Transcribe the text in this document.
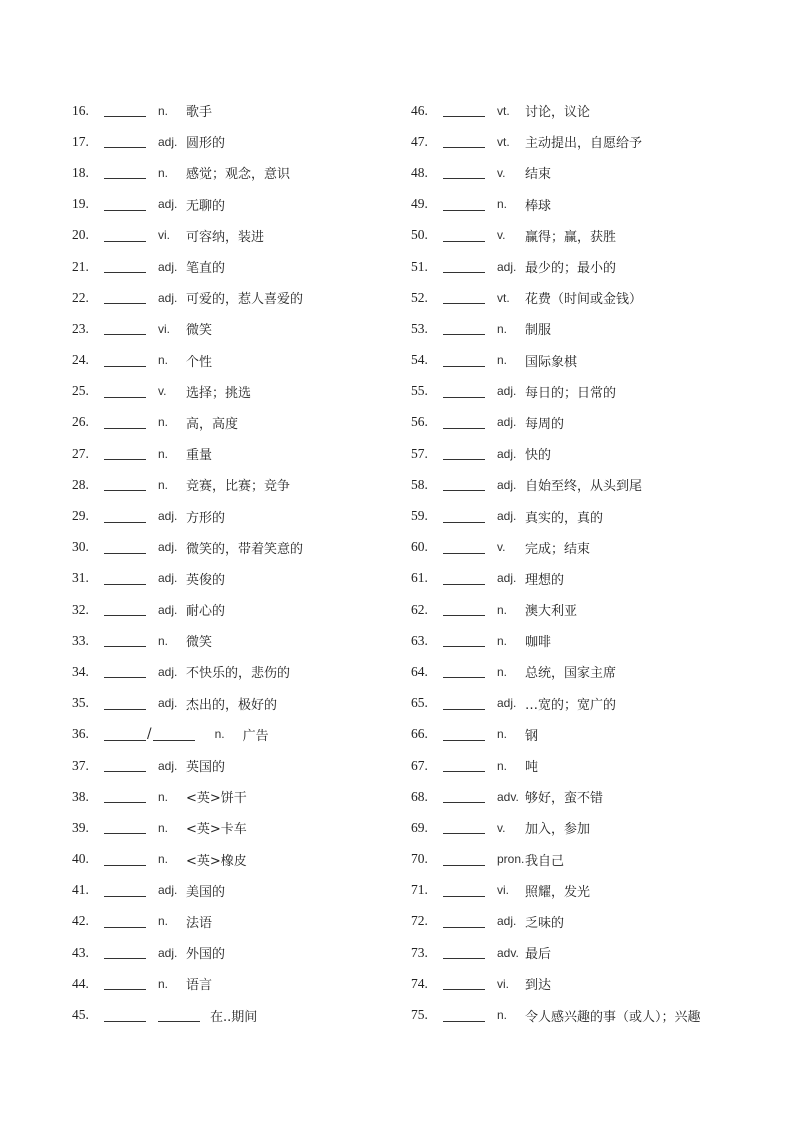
16.	n.	歌手
17.	adj. 圆形的
18.	n.	感觉；观念，意识
19.	adj. 无聊的
20.	vi.	可容纳，装进
21.	adj. 笔直的
22.	adj. 可爱的，惹人喜爱的
23.	vi.	微笑
24.	n.	个性
25.	v.	选择；挑选
26.	n.	高，高度
27.	n.	重量
28.	n.	竞赛，比赛；竞争
29.	adj. 方形的
30.	adj. 微笑的，带着笑意的
31.	adj. 英俊的
32.	adj. 耐心的
33.	n.	微笑
34.	adj. 不快乐的，悲伤的
35.	adj. 杰出的，极好的
36.	/	n.	广告
37.	adj. 英国的
38.	n.	<英>饼干
39.	n.	<英>卡车
40.	n.	<英>橡皮
41.	adj. 美国的
42.	n.	法语
43.	adj. 外国的
44.	n.	语言
45.	在..期间
46.	vt.	讨论，议论
47.	vt.	主动提出，自愿给予
48.	v.	结束
49.	n.	棒球
50.	v.	赢得；赢，获胜
51.	adj. 最少的；最小的
52.	vt.	花费（时间或金钱）
53.	n.	制服
54.	n.	国际象棋
55.	adj. 每日的；日常的
56.	adj. 每周的
57.	adj. 快的
58.	adj. 自始至终，从头到尾
59.	adj. 真实的，真的
60.	v.	完成；结束
61.	adj. 理想的
62.	n.	澳大利亚
63.	n.	咖啡
64.	n.	总统，国家主席
65.	adj. …宽的；宽广的
66.	n.	钢
67.	n.	吨
68.	adv. 够好，蛮不错
69.	v.	加入，参加
70.	pron. 我自己
71.	vi.	照耀，发光
72.	adj. 乏味的
73.	adv. 最后
74.	vi.	到达
75.	n.	令人感兴趣的事（或人）；兴趣
